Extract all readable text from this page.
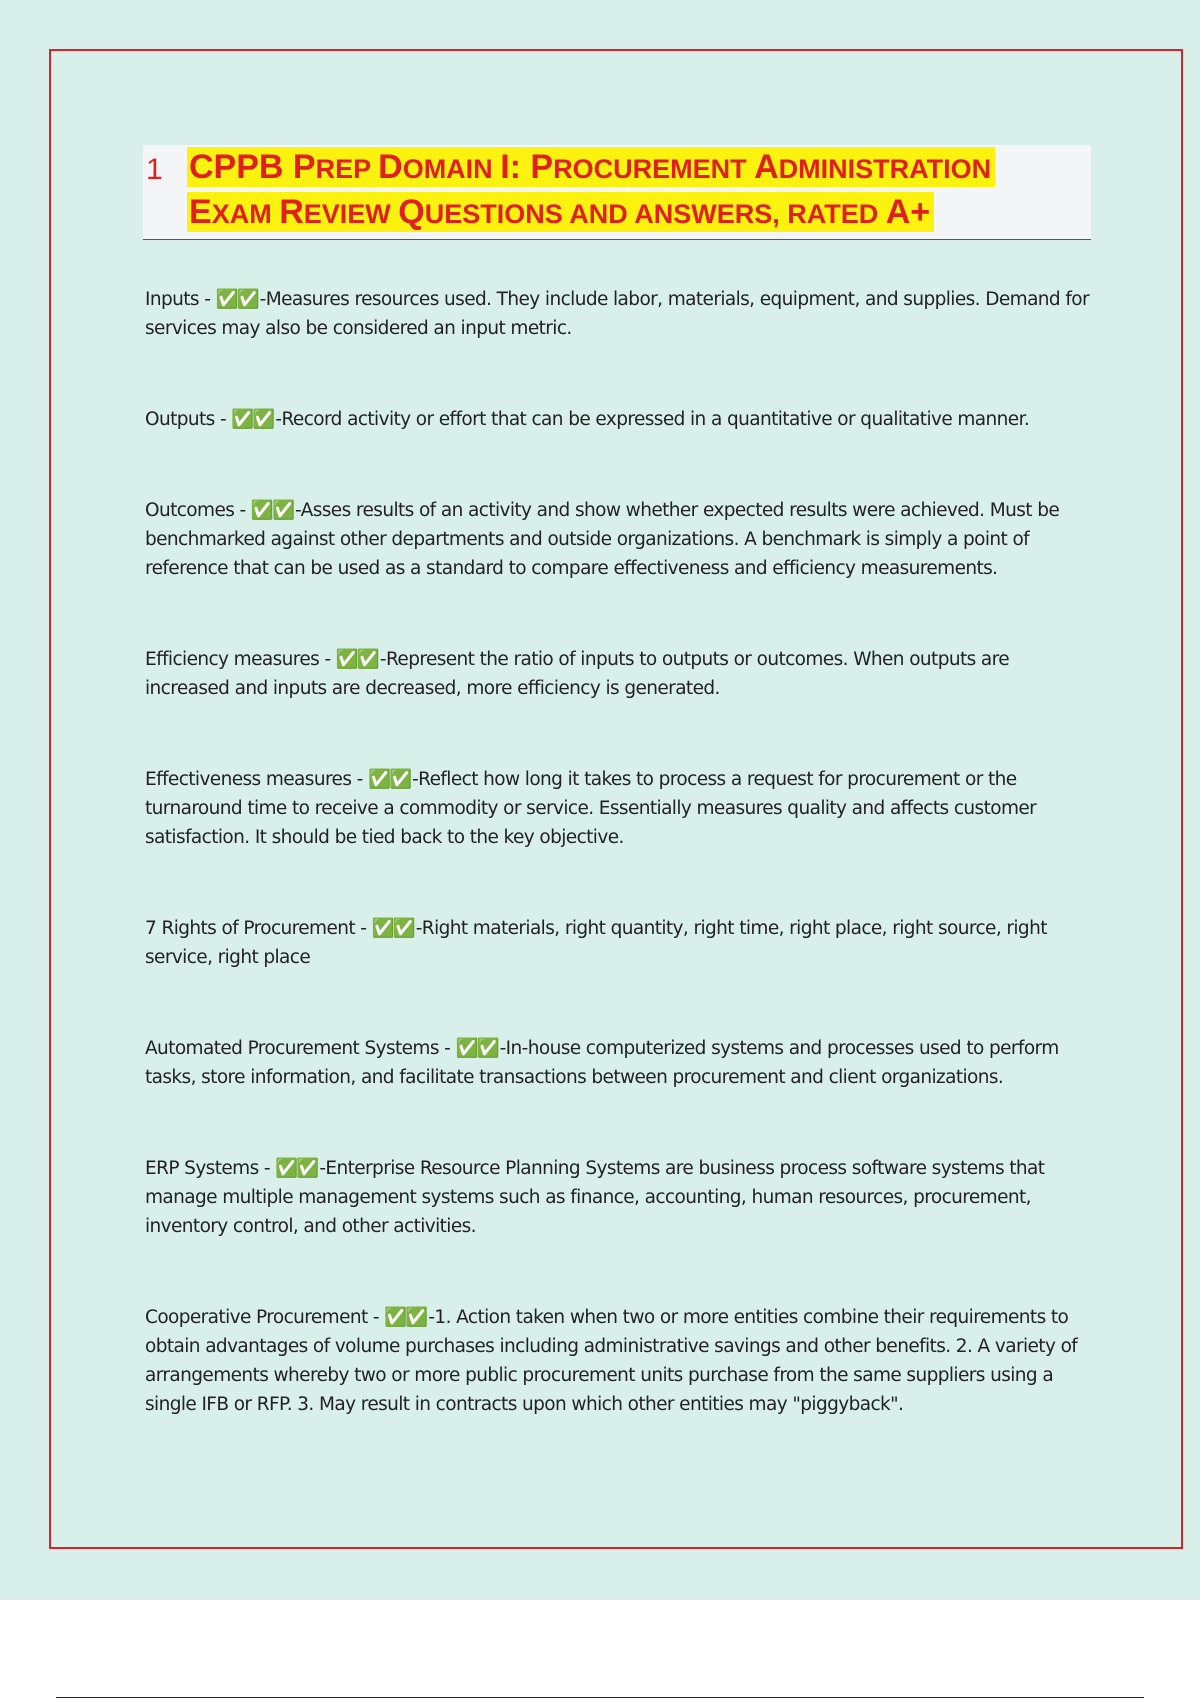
1 CPPB PREP DOMAIN I: PROCUREMENT ADMINISTRATION
EXAM REVIEW QUESTIONS AND ANSWERS, RATED A+
Inputs - ✅✅ -Measures resources used. They include labor, materials, equipment, and supplies. Demand for services may also be considered an input metric.
Outputs - ✅✅ -Record activity or effort that can be expressed in a quantitative or qualitative manner.
Outcomes - ✅✅ -Asses results of an activity and show whether expected results were achieved. Must be benchmarked against other departments and outside organizations. A benchmark is simply a point of reference that can be used as a standard to compare effectiveness and efficiency measurements.
Efficiency measures - ✅✅ -Represent the ratio of inputs to outputs or outcomes. When outputs are increased and inputs are decreased, more efficiency is generated.
Effectiveness measures - ✅✅ -Reflect how long it takes to process a request for procurement or the turnaround time to receive a commodity or service. Essentially measures quality and affects customer satisfaction. It should be tied back to the key objective.
7 Rights of Procurement - ✅✅ -Right materials, right quantity, right time, right place, right source, right service, right place
Automated Procurement Systems - ✅✅ -In-house computerized systems and processes used to perform tasks, store information, and facilitate transactions between procurement and client organizations.
ERP Systems - ✅✅ -Enterprise Resource Planning Systems are business process software systems that manage multiple management systems such as finance, accounting, human resources, procurement, inventory control, and other activities.
Cooperative Procurement - ✅✅ -1. Action taken when two or more entities combine their requirements to obtain advantages of volume purchases including administrative savings and other benefits. 2. A variety of arrangements whereby two or more public procurement units purchase from the same suppliers using a single IFB or RFP. 3. May result in contracts upon which other entities may "piggyback".
